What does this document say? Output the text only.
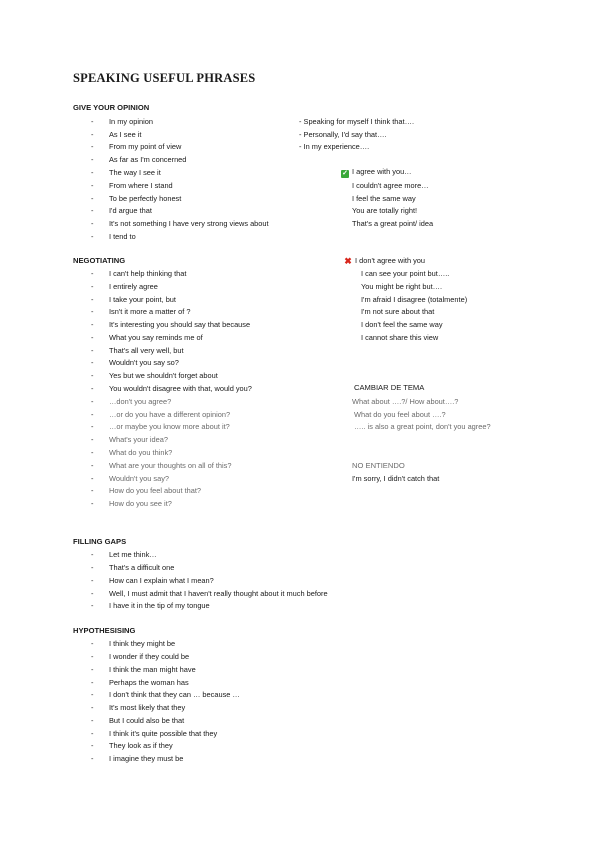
SPEAKING USEFUL PHRASES
GIVE YOUR OPINION
- In my opinion
- As I see it
- From my point of view
- As far as I'm concerned
- The way I see it
- From where I stand
- To be perfectly honest
- I'd argue that
- It's not something I have very strong views about
- I tend to
- Speaking for myself I think that….
- Personally, I'd say that….
- In my experience….
✓ I agree with you…
I couldn't agree more…
I feel the same way
You are totally right!
That's a great point/ idea
NEGOTIATING
- I can't help thinking that
- I entirely agree
- I take your point, but
- Isn't it more a matter of ?
- It's interesting you should say that because
- What you say reminds me of
- That's all very well, but
- Wouldn't you say so?
- Yes but we shouldn't forget about
- You wouldn't disagree with that, would you?
- …don't you agree?
- …or do you have a different opinion?
- …or maybe you know more about it?
- What's your idea?
- What do you think?
- What are your thoughts on all of this?
- Wouldn't you say?
- How do you feel about that?
- How do you see it?
✖ I don't agree with you
I can see your point but…..
You might be right but….
I'm afraid I disagree (totalmente)
I'm not sure about that
I don't feel the same way
I cannot share this view
CAMBIAR DE TEMA
What about ….?/ How about….?
What do you feel about ….?
….. is also a great point, don't you agree?
NO ENTIENDO
I'm sorry, I didn't catch that
FILLING GAPS
- Let me think…
- That's a difficult one
- How can I explain what I mean?
- Well, I must admit that I haven't really thought about it much before
- I have it in the tip of my tongue
HYPOTHESISING
- I think they might be
- I wonder if they could be
- I think the man might have
- Perhaps the woman has
- I don't think that they can … because …
- It's most likely that they
- But I could also be that
- I think it's quite possible that they
- They look as if they
- I imagine they must be
